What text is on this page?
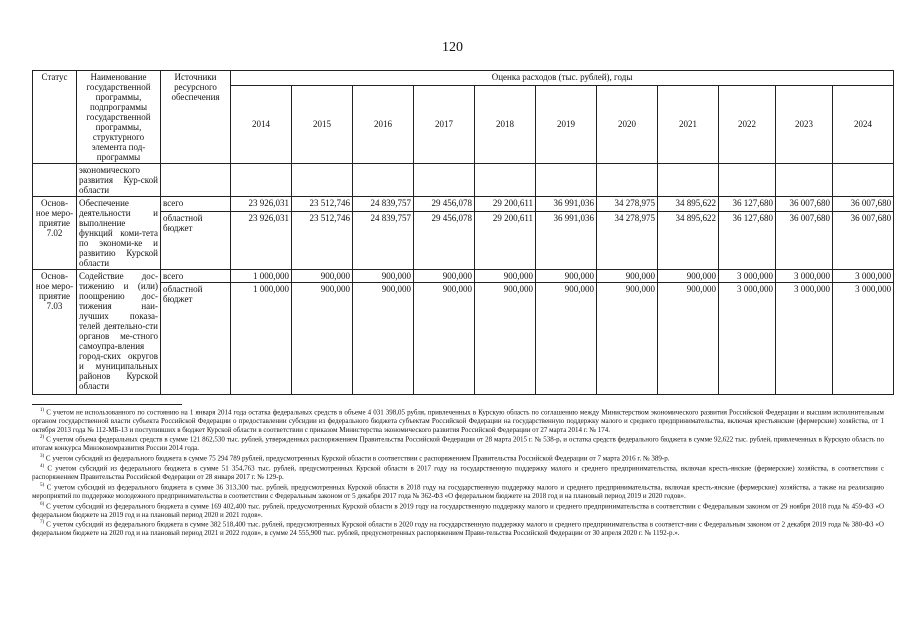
120
Статус	Наименование государственной программы, подпрограммы государственной программы, структурного элемента под-программы	Источники ресурсного обеспечения	Оценка расходов (тыс. рублей), годы										
			2014	2015	2016	2017	2018	2019	2020	2021	2022	2023	2024
	экономического развития Кур-ской области												
Основ-ное меро-приятие 7.02	Обеспечение деятельности и выполнение функций коми-тета по экономи-ке и развитию Курской области	всего	23 926,031	23 512,746	24 839,757	29 456,078	29 200,611	36 991,036	34 278,975	34 895,622	36 127,680	36 007,680	36 007,680
		областной бюджет	23 926,031	23 512,746	24 839,757	29 456,078	29 200,611	36 991,036	34 278,975	34 895,622	36 127,680	36 007,680	36 007,680
Основ-ное меро-приятие 7.03	Содействие дос-тижению и (или) поощрению дос-тижения наи-лучших показа-телей деятельно-сти органов ме-стного самоупра-вления город-ских округов и муниципальных районов Курской области	всего	1 000,000	900,000	900,000	900,000	900,000	900,000	900,000	900,000	3 000,000	3 000,000	3 000,000
		областной бюджет	1 000,000	900,000	900,000	900,000	900,000	900,000	900,000	900,000	3 000,000	3 000,000	3 000,000

$^{1)}$ С учетом не использованного по состоянию на 1 января 2014 года остатка федеральных средств в объеме 4 031 398,05 рубля, привлеченных в Курскую область по соглашению между Министерством экономического развития Российской Федерации и высшим исполнительным органом государственной власти субъекта Российской Федерации о предоставлении субсидии из федерального бюджета субъектам Российской Федерации на государственную поддержку малого и среднего предпринимательства, включая крестьянские (фермерские) хозяйства, от 1 октября 2013 года № 112-МБ-13 и поступивших в бюджет Курской области в соответствии с приказом Министерства экономического развития Российской Федерации от 27 марта 2014 г. № 174.

$^{2)}$ С учетом объема федеральных средств в сумме 121 862,530 тыс. рублей, утвержденных распоряжением Правительства Российской Федерации от 28 марта 2015 г. № 538-р, и остатка средств федерального бюджета в сумме 92,622 тыс. рублей, привлеченных в Курскую область по итогам конкурса Минэкономразвития России 2014 года.

$^{3)}$ С учетом субсидий из федерального бюджета в сумме 75 294 789 рублей, предусмотренных Курской области в соответствии с распоряжением Правительства Российской Федерации от 7 марта 2016 г. № 389-р.

$^{4)}$ С учетом субсидий из федерального бюджета в сумме 51 354,763 тыс. рублей, предусмотренных Курской области в 2017 году на государственную поддержку малого и среднего предпринимательства, включая кресть-янские (фермерские) хозяйства, в соответствии с распоряжением Правительства Российской Федерации от 28 января 2017 г. № 129-р.

$^{5)}$ С учетом субсидий из федерального бюджета в сумме 36 313,300 тыс. рублей, предусмотренных Курской области в 2018 году на государственную поддержку малого и среднего предпринимательства, включая кресть-янские (фермерские) хозяйства, а также на реализацию мероприятий по поддержке молодежного предпринимательства в соответствии с Федеральным законом от 5 декабря 2017 года № 362-ФЗ «О федеральном бюджете на 2018 год и на плановый период 2019 и 2020 годов».

$^{6)}$ С учетом субсидий из федерального бюджета в сумме 169 402,400 тыс. рублей, предусмотренных Курской области в 2019 году на государственную поддержку малого и среднего предпринимательства в соответствии с Федеральным законом от 29 ноября 2018 года № 459-ФЗ «О федеральном бюджете на 2019 год и на плановый период 2020 и 2021 годов».

$^{7)}$ С учетом субсидий из федерального бюджета в сумме 382 518,400 тыс. рублей, предусмотренных Курской области в 2020 году на государственную поддержку малого и среднего предпринимательства в соответст-вии с Федеральным законом от 2 декабря 2019 года № 380-ФЗ «О федеральном бюджете на 2020 год и на плановый период 2021 и 2022 годов», в сумме 24 555,900 тыс. рублей, предусмотренных распоряжением Прави-тельства Российской Федерации от 30 апреля 2020 г. № 1192-р.».
